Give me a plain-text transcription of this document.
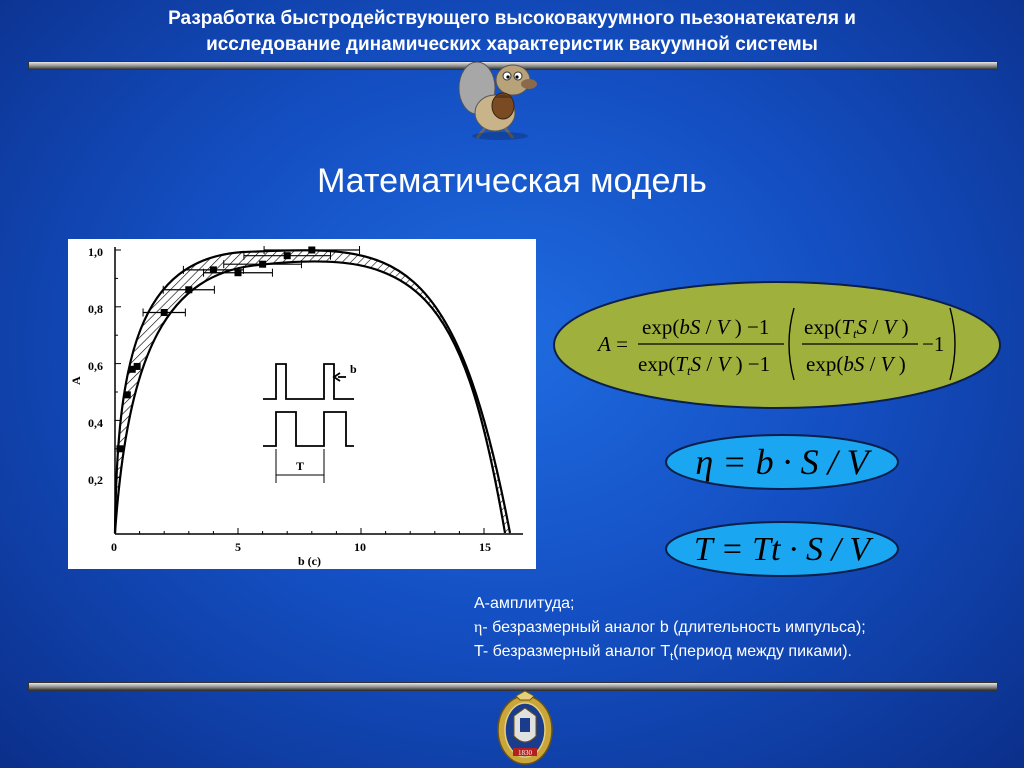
Разработка быстродействующего высоковакуумного пьезонатекателя и
исследование динамических характеристик вакуумной системы
Математическая модель
1,0
0,8
0,6
0,4
0,2
A
0	5	10	15
b (c)
b
T
A =
exp(bS / V ) −1
exp(TtS / V ) −1
exp(TtS / V )
exp(bS / V )
−1
η = b · S / V
T = Tt · S / V
А-амплитуда;
η- безразмерный аналог b (длительность импульса);
T- безразмерный аналог $T_t(период$ между пиками).
1830
